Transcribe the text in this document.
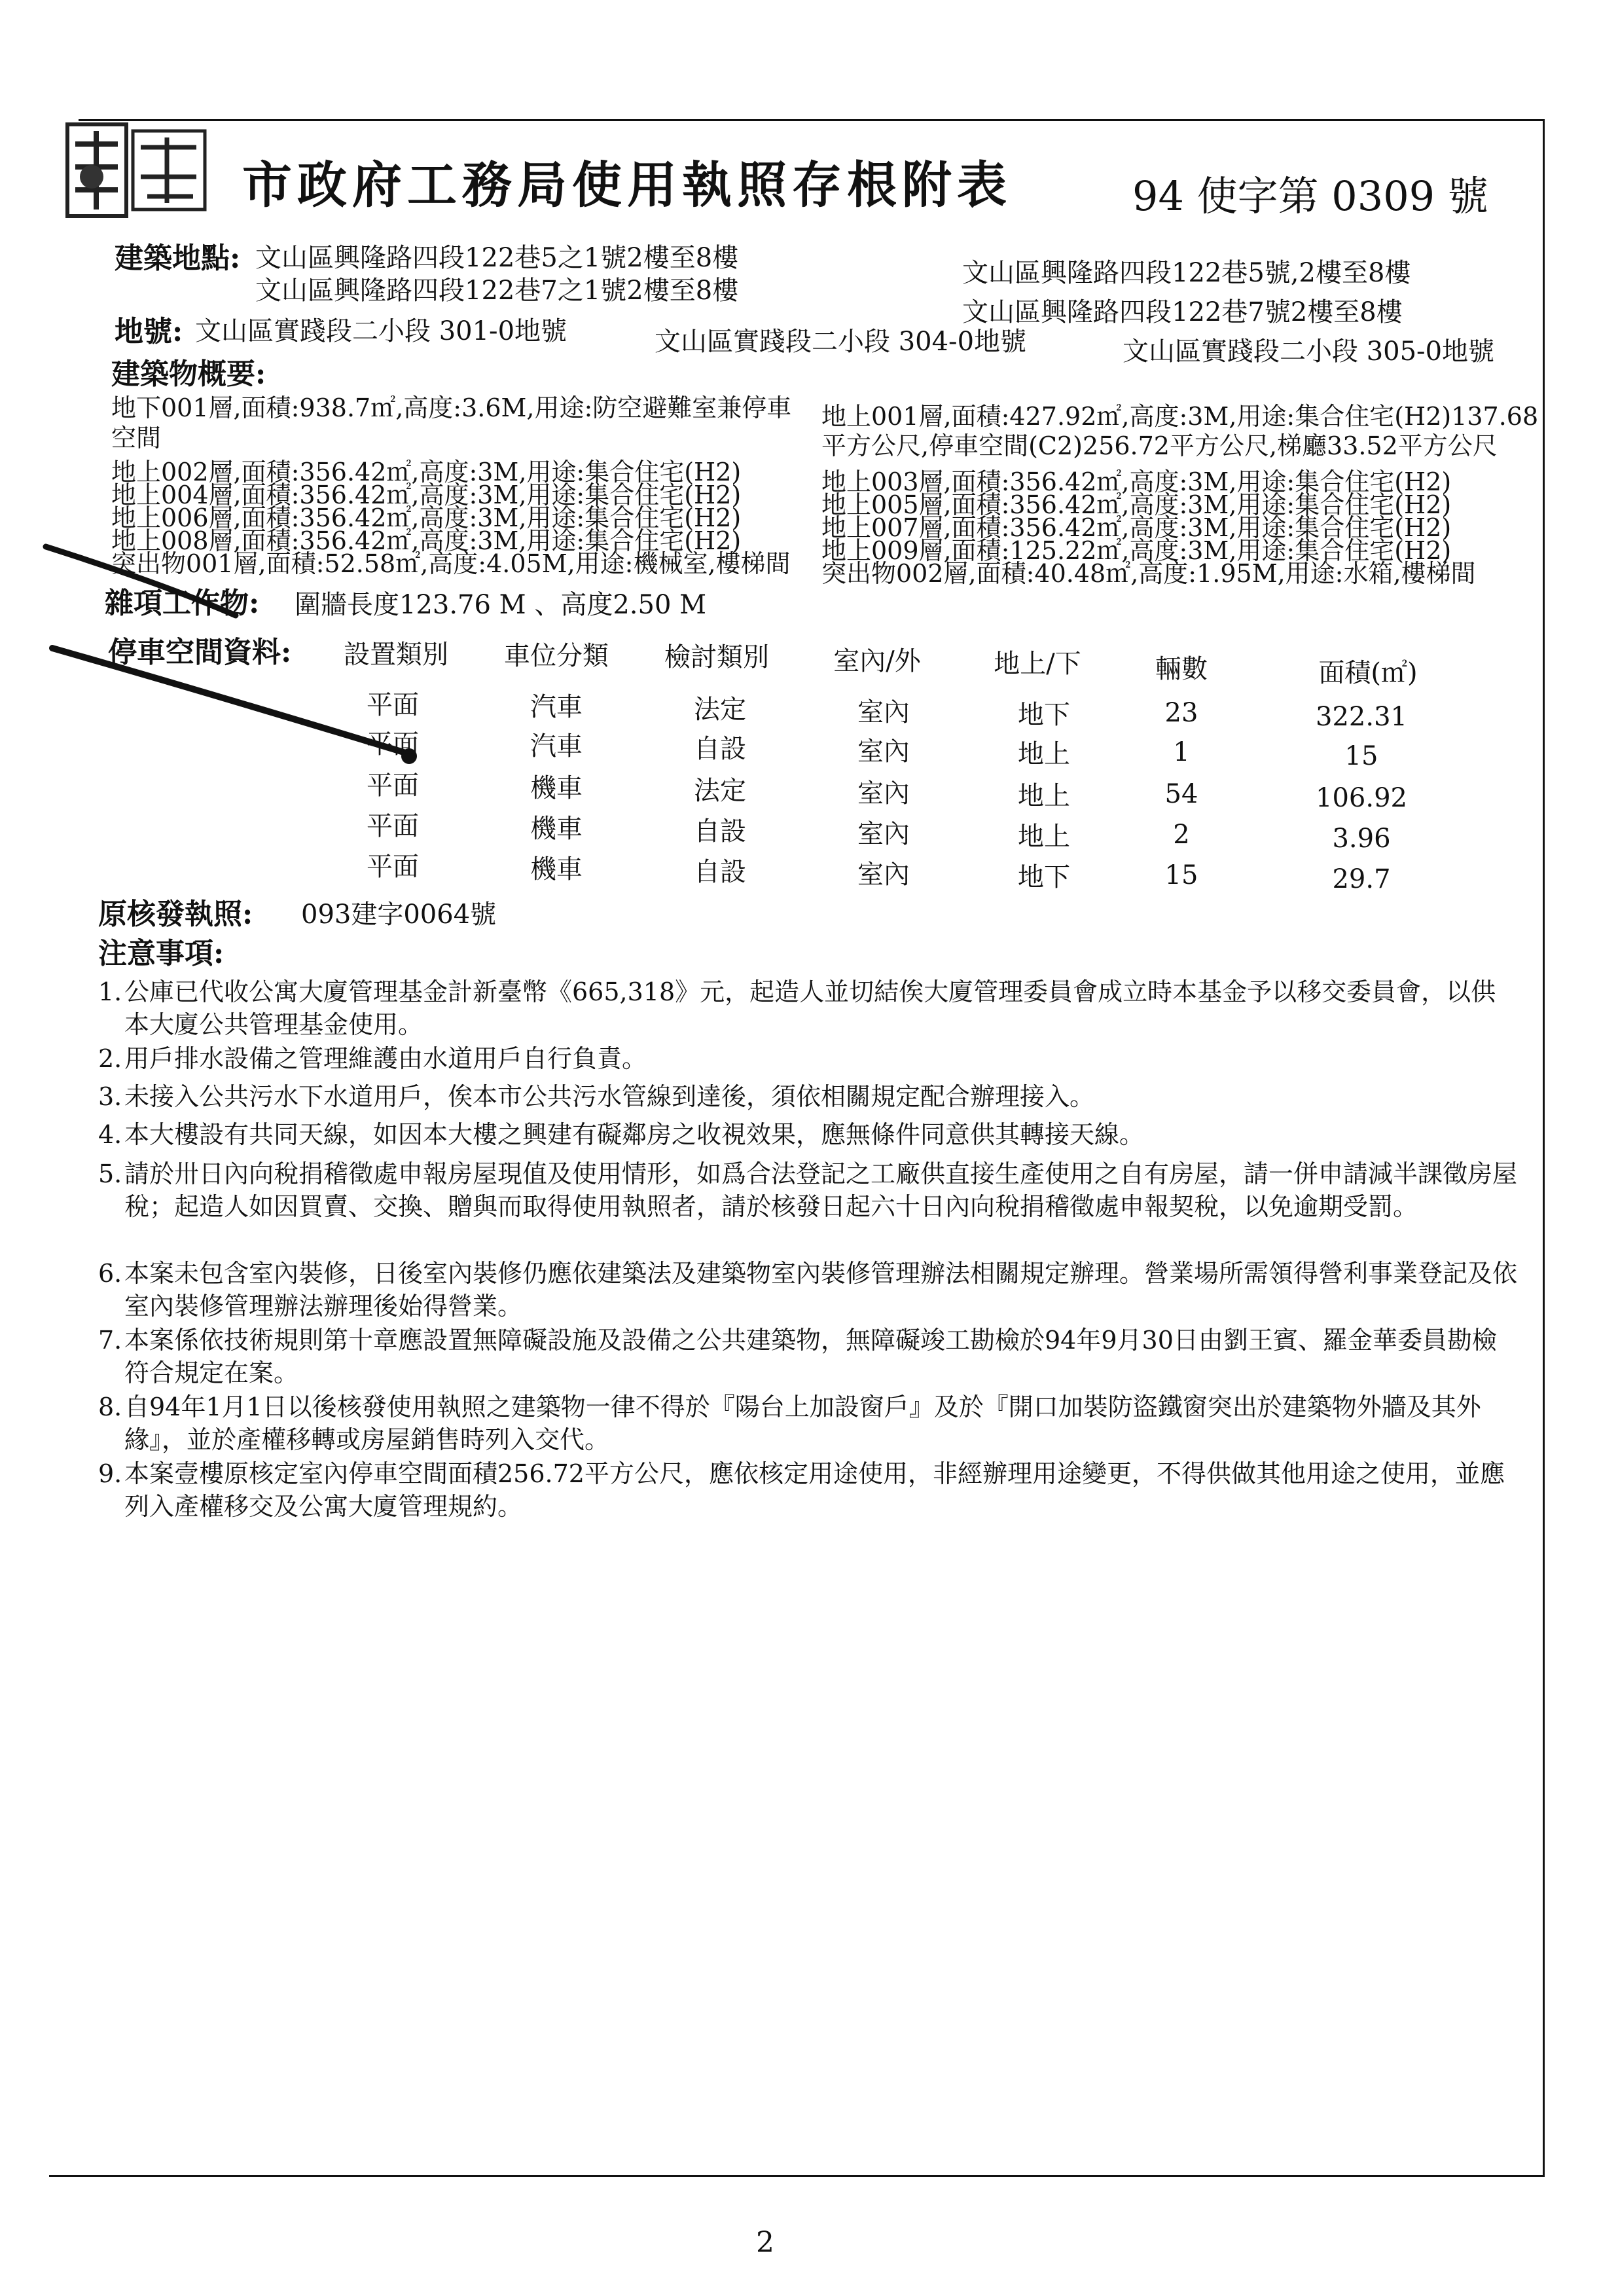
市政府工務局使用執照存根附表	94 使字第 0309 號
建築地點: 文山區興隆路四段122巷5之1號2樓至8樓
文山區興隆路四段122巷7之1號2樓至8樓
文山區興隆路四段122巷5號,2樓至8樓
文山區興隆路四段122巷7號2樓至8樓
地號: 文山區實踐段二小段 301-0地號	文山區實踐段二小段 304-0地號	文山區實踐段二小段 305-0地號
建築物概要:
地下001層,面積:938.7㎡,高度:3.6M,用途:防空避難室兼停車
空間
地上002層,面積:356.42㎡,高度:3M,用途:集合住宅(H2)
地上004層,面積:356.42㎡,高度:3M,用途:集合住宅(H2)
地上006層,面積:356.42㎡,高度:3M,用途:集合住宅(H2)
地上008層,面積:356.42㎡,高度:3M,用途:集合住宅(H2)
突出物001層,面積:52.58㎡,高度:4.05M,用途:機械室,樓梯間
地上001層,面積:427.92㎡,高度:3M,用途:集合住宅(H2)137.68
平方公尺,停車空間(C2)256.72平方公尺,梯廳33.52平方公尺
地上003層,面積:356.42㎡,高度:3M,用途:集合住宅(H2)
地上005層,面積:356.42㎡,高度:3M,用途:集合住宅(H2)
地上007層,面積:356.42㎡,高度:3M,用途:集合住宅(H2)
地上009層,面積:125.22㎡,高度:3M,用途:集合住宅(H2)
突出物002層,面積:40.48㎡,高度:1.95M,用途:水箱,樓梯間
雜項工作物: 圍牆長度123.76 M 、高度2.50 M
停車空間資料:	設置類別	車位分類	檢討類別	室內/外	地上/下	輛數	面積(㎡)
平面	汽車	法定	室內	地下	23	322.31
平面	汽車	自設	室內	地上	1	15
平面	機車	法定	室內	地上	54	106.92
平面	機車	自設	室內	地上	2	3.96
平面	機車	自設	室內	地下	15	29.7
原核發執照: 093建字0064號
注意事項:
1. 公庫已代收公寓大廈管理基金計新臺幣《665,318》元，起造人並切結俟大廈管理委員會成立時本基金予以移交委員會，以供本大廈公共管理基金使用。
2. 用戶排水設備之管理維護由水道用戶自行負責。
3. 未接入公共污水下水道用戶，俟本市公共污水管線到達後，須依相關規定配合辦理接入。
4. 本大樓設有共同天線，如因本大樓之興建有礙鄰房之收視效果，應無條件同意供其轉接天線。
5. 請於卅日內向稅捐稽徵處申報房屋現值及使用情形，如爲合法登記之工廠供直接生產使用之自有房屋，請一併申請減半課徵房屋稅；起造人如因買賣、交換、贈與而取得使用執照者，請於核發日起六十日內向稅捐稽徵處申報契稅，以免逾期受罰。
6. 本案未包含室內裝修，日後室內裝修仍應依建築法及建築物室內裝修管理辦法相關規定辦理。營業場所需領得營利事業登記及依室內裝修管理辦法辦理後始得營業。
7. 本案係依技術規則第十章應設置無障礙設施及設備之公共建築物，無障礙竣工勘檢於94年9月30日由劉王賓、羅金華委員勘檢符合規定在案。
8. 自94年1月1日以後核發使用執照之建築物一律不得於『陽台上加設窗戶』及於『開口加裝防盜鐵窗突出於建築物外牆及其外緣』，並於產權移轉或房屋銷售時列入交代。
9. 本案壹樓原核定室內停車空間面積256.72平方公尺，應依核定用途使用，非經辦理用途變更，不得供做其他用途之使用，並應列入產權移交及公寓大廈管理規約。
2
